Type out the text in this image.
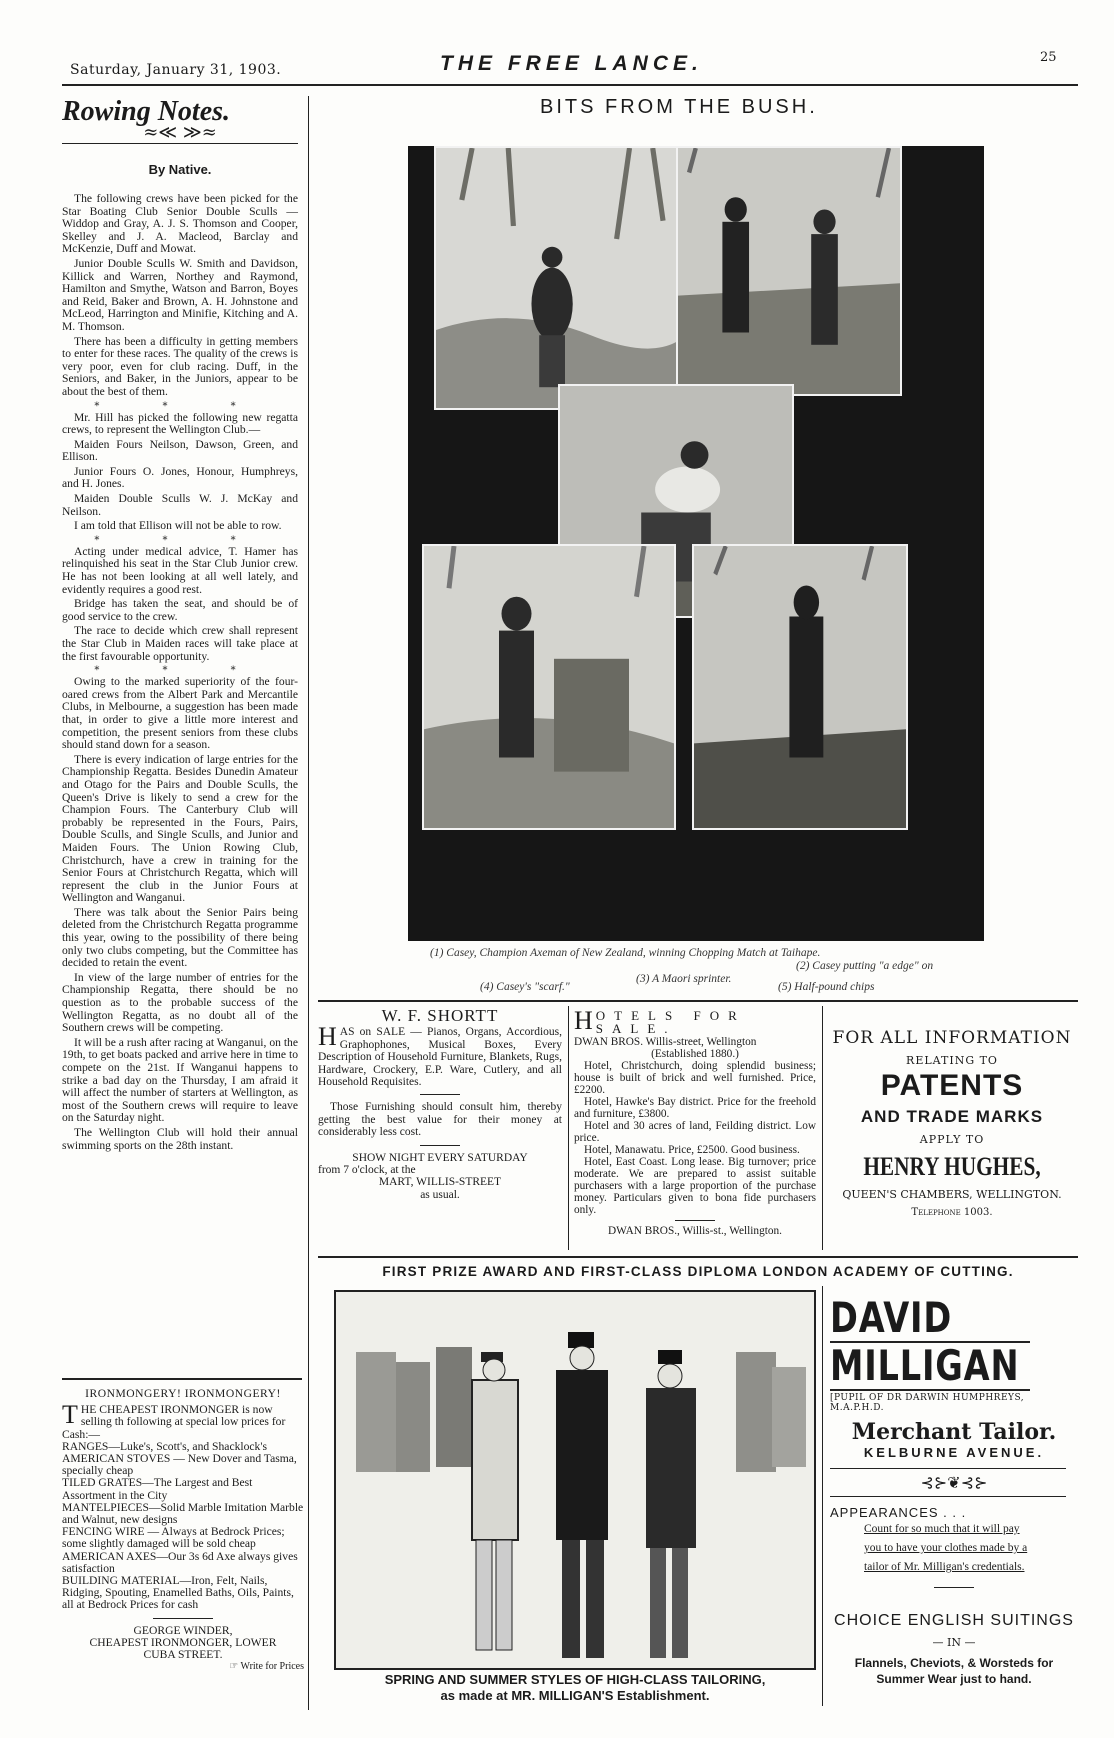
Saturday, January 31, 1903.	THE FREE LANCE.	25
Rowing Notes.
≈≪ ≫≈
By Native.

The following crews have been picked for the Star Boating Club Senior Double Sculls —Widdop and Gray, A. J. S. Thomson and Cooper, Skelley and J. A. Macleod, Barclay and McKenzie, Duff and Mowat.

Junior Double Sculls W. Smith and Davidson, Killick and Warren, Northey and Raymond, Hamilton and Smythe, Watson and Barron, Boyes and Reid, Baker and Brown, A. H. Johnstone and McLeod, Harrington and Minifie, Kitching and A. M. Thomson.

There has been a difficulty in getting members to enter for these races. The quality of the crews is very poor, even for club racing. Duff, in the Seniors, and Baker, in the Juniors, appear to be about the best of them.

* * *

Mr. Hill has picked the following new regatta crews, to represent the Wellington Club.—

Maiden Fours Neilson, Dawson, Green, and Ellison.

Junior Fours O. Jones, Honour, Humphreys, and H. Jones.

Maiden Double Sculls W. J. McKay and Neilson.

I am told that Ellison will not be able to row.

* * *

Acting under medical advice, T. Hamer has relinquished his seat in the Star Club Junior crew. He has not been looking at all well lately, and evidently requires a good rest.

Bridge has taken the seat, and should be of good service to the crew.

The race to decide which crew shall represent the Star Club in Maiden races will take place at the first favourable opportunity.

* * *

Owing to the marked superiority of the four-oared crews from the Albert Park and Mercantile Clubs, in Melbourne, a suggestion has been made that, in order to give a little more interest and competition, the present seniors from these clubs should stand down for a season.

There is every indication of large entries for the Championship Regatta. Besides Dunedin Amateur and Otago for the Pairs and Double Sculls, the Queen's Drive is likely to send a crew for the Champion Fours. The Canterbury Club will probably be represented in the Fours, Pairs, Double Sculls, and Single Sculls, and Junior and Maiden Fours. The Union Rowing Club, Christchurch, have a crew in training for the Senior Fours at Christchurch Regatta, which will represent the club in the Junior Fours at Wellington and Wanganui.

There was talk about the Senior Pairs being deleted from the Christchurch Regatta programme this year, owing to the possibility of there being only two clubs competing, but the Committee has decided to retain the event.

In view of the large number of entries for the Championship Regatta, there should be no question as to the probable success of the Wellington Regatta, as no doubt all of the Southern crews will be competing.

It will be a rush after racing at Wanganui, on the 19th, to get boats packed and arrive here in time to compete on the 21st. If Wanganui happens to strike a bad day on the Thursday, I am afraid it will affect the number of starters at Wellington, as most of the Southern crews will require to leave on the Saturday night.

The Wellington Club will hold their annual swimming sports on the 28th instant.

IRONMONGERY! IRONMONGERY!
T HE CHEAPEST IRONMONGER is now selling th following at special low prices for Cash:—
RANGES—Luke's, Scott's, and Shacklock's
AMERICAN STOVES — New Dover and Tasma, specially cheap
TILED GRATES—The Largest and Best Assortment in the City
MANTELPIECES—Solid Marble Imitation Marble and Walnut, new designs
FENCING WIRE — Always at Bedrock Prices; some slightly damaged will be sold cheap
AMERICAN AXES—Our 3s 6d Axe always gives satisfaction
BUILDING MATERIAL—Iron, Felt, Nails, Ridging, Spouting, Enamelled Baths, Oils, Paints, all at Bedrock Prices for cash
GEORGE WINDER,
CHEAPEST IRONMONGER, LOWER
CUBA STREET.
☞ Write for Prices
BITS FROM THE BUSH.
(1) Casey, Champion Axeman of New Zealand, winning Chopping Match at Taihape.
(2) Casey putting "a edge" on
(3) A Maori sprinter.
(4) Casey's "scarf."	(5) Half-pound chips
W. F. SHORTT
H AS on SALE — Pianos, Organs, Accordious, Graphophones, Musical Boxes, Every Description of Household Furniture, Blankets, Rugs, Hardware, Crockery, E.P. Ware, Cutlery, and all Household Requisites.
Those Furnishing should consult him, thereby getting the best value for their money at considerably less cost.
SHOW NIGHT EVERY SATURDAY
from 7 o'clock, at the
MART, WILLIS-STREET
as usual.
H OTELS FOR SALE.
DWAN BROS. Willis-street, Wellington
(Established 1880.)
Hotel, Christchurch, doing splendid business; house is built of brick and well furnished. Price, £2200.
Hotel, Hawke's Bay district. Price for the freehold and furniture, £3800.
Hotel and 30 acres of land, Feilding district. Low price.
Hotel, Manawatu. Price, £2500. Good business.
Hotel, East Coast. Long lease. Big turnover; price moderate. We are prepared to assist suitable purchasers with a large proportion of the purchase money. Particulars given to bona fide purchasers only.
DWAN BROS., Willis-st., Wellington.
FOR ALL INFORMATION
RELATING TO
PATENTS
AND TRADE MARKS
APPLY TO
HENRY HUGHES,
QUEEN'S CHAMBERS, WELLINGTON.
Telephone 1003.
FIRST PRIZE AWARD AND FIRST-CLASS DIPLOMA LONDON ACADEMY OF CUTTING.
SPRING AND SUMMER STYLES OF HIGH-CLASS TAILORING,
as made at MR. MILLIGAN'S Establishment.
DAVID
MILLIGAN
[PUPIL OF DR DARWIN HUMPHREYS, M.A.P.H.D.
Merchant Tailor.
KELBURNE AVENUE.
⊰⊱❦⊰⊱
APPEARANCES . . .
Count for so much that it will pay
you to have your clothes made by a
tailor of Mr. Milligan's credentials.
CHOICE ENGLISH SUITINGS
— IN —
Flannels, Cheviots, & Worsteds for
Summer Wear just to hand.
